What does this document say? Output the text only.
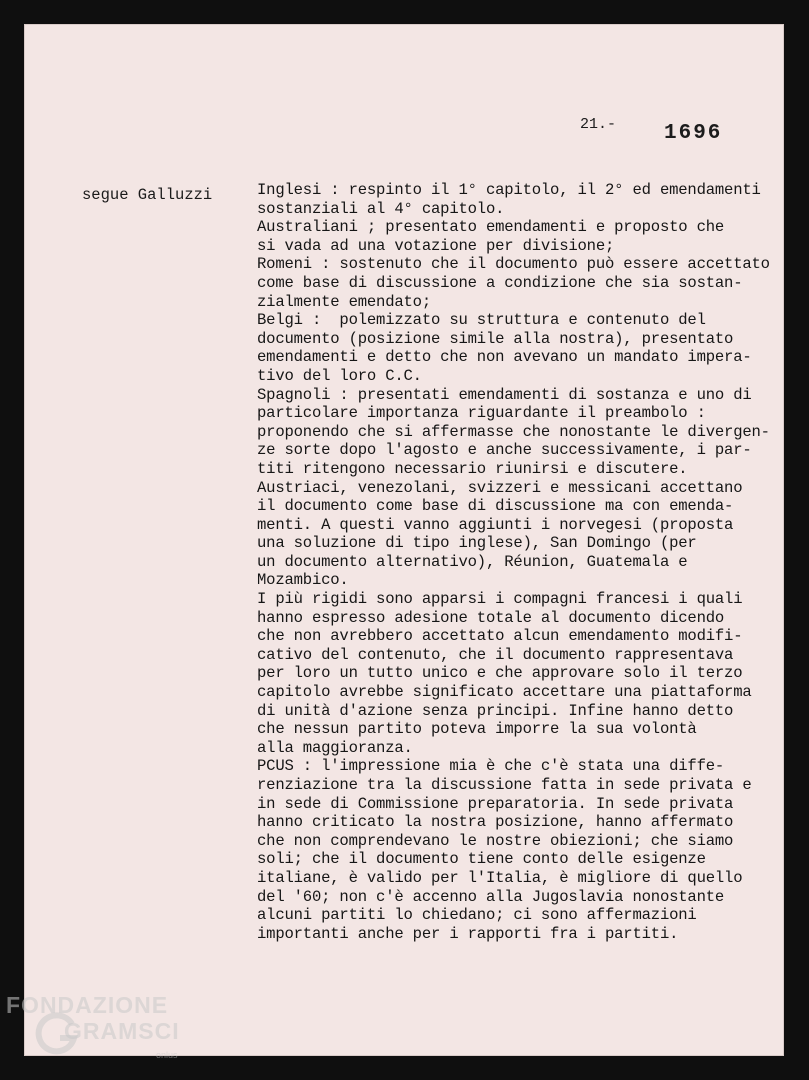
21.- 1696
segue Galluzzi	Inglesi : respinto il 1° capitolo, il 2° ed emendamenti
sostanziali al 4° capitolo.
Australiani ; presentato emendamenti e proposto che
si vada ad una votazione per divisione;
Romeni : sostenuto che il documento può essere accettato
come base di discussione a condizione che sia sostan-
zialmente emendato;
Belgi :  polemizzato su struttura e contenuto del
documento (posizione simile alla nostra), presentato
emendamenti e detto che non avevano un mandato impera-
tivo del loro C.C.
Spagnoli : presentati emendamenti di sostanza e uno di
particolare importanza riguardante il preambolo :
proponendo che si affermasse che nonostante le divergen-
ze sorte dopo l'agosto e anche successivamente, i par-
titi ritengono necessario riunirsi e discutere.
Austriaci, venezolani, svizzeri e messicani accettano
il documento come base di discussione ma con emenda-
menti. A questi vanno aggiunti i norvegesi (proposta
una soluzione di tipo inglese), San Domingo (per
un documento alternativo), Réunion, Guatemala e
Mozambico.
I più rigidi sono apparsi i compagni francesi i quali
hanno espresso adesione totale al documento dicendo
che non avrebbero accettato alcun emendamento modifi-
cativo del contenuto, che il documento rappresentava
per loro un tutto unico e che approvare solo il terzo
capitolo avrebbe significato accettare una piattaforma
di unità d'azione senza principi. Infine hanno detto
che nessun partito poteva imporre la sua volontà
alla maggioranza.
PCUS : l'impressione mia è che c'è stata una diffe-
renziazione tra la discussione fatta in sede privata e
in sede di Commissione preparatoria. In sede privata
hanno criticato la nostra posizione, hanno affermato
che non comprendevano le nostre obiezioni; che siamo
soli; che il documento tiene conto delle esigenze
italiane, è valido per l'Italia, è migliore di quello
del '60; non c'è accenno alla Jugoslavia nonostante
alcuni partiti lo chiedano; ci sono affermazioni
importanti anche per i rapporti fra i partiti.
FONDAZIONE
GRAMSCI
onlus
